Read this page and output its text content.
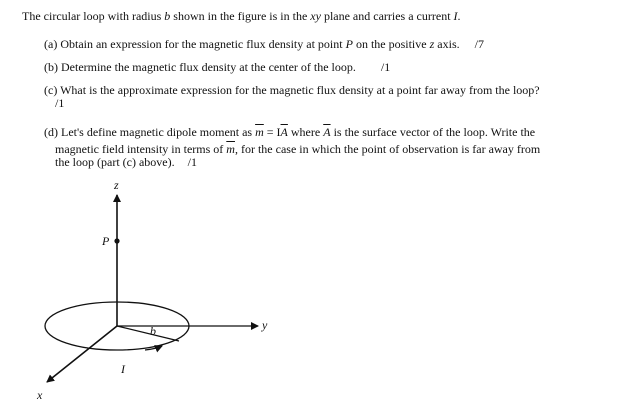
The circular loop with radius b shown in the figure is in the xy plane and carries a current I.
(a) Obtain an expression for the magnetic flux density at point P on the positive z axis. /7
(b) Determine the magnetic flux density at the center of the loop. /1
(c) What is the approximate expression for the magnetic flux density at a point far away from the loop?
/1
(d) Let's define magnetic dipole moment as $\overline{m} = I\overline{A}$ where $\overline{A}$ is the surface vector of the loop. Write the
magnetic field intensity in terms of $\overline{m}$, for the case in which the point of observation is far away from
the loop (part (c) above). /1
z
y
x
P
b
I
